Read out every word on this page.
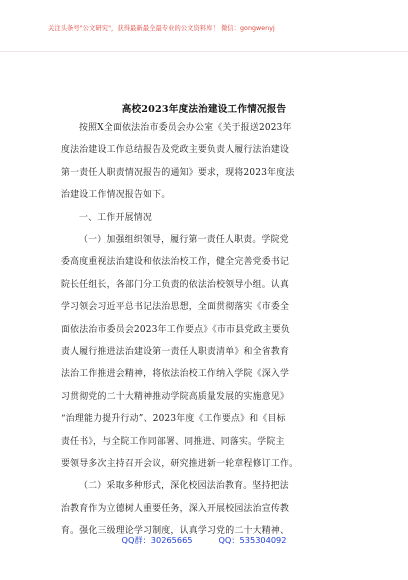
关注头条号"公文研究"，获得最新最全最专业的公文资料库！ 微信：gongwenyj
高校2023年度法治建设工作情况报告
按照X全面依法治市委员会办公室《关于报送2023年
度法治建设工作总结报告及党政主要负责人履行法治建设
第一责任人职责情况报告的通知》要求，现将2023年度法
治建设工作情况报告如下。
一、工作开展情况
（一）加强组织领导，履行第一责任人职责。学院党
委高度重视法治建设和依法治校工作，健全完善党委书记
院长任组长，各部门分工负责的依法治校领导小组。认真
学习领会习近平总书记法治思想，全面贯彻落实《市委全
面依法治市委员会2023年工作要点》《市市县党政主要负
责人履行推进法治建设第一责任人职责清单》和全省教育
法治工作推进会精神，将依法治校工作纳入学院《深入学
习贯彻党的二十大精神推动学院高质量发展的实施意见》
“治理能力提升行动”、2023年度《工作要点》和《目标
责任书》，与全院工作同部署、同推进、同落实。学院主
要领导多次主持召开会议，研究推进新一轮章程修订工作。
（二）采取多种形式，深化校园法治教育。坚持把法
治教育作为立德树人重要任务，深入开展校园法治宣传教
育。强化三级理论学习制度，认真学习党的二十大精神、
QQ群：30265665	QQ：535304092
